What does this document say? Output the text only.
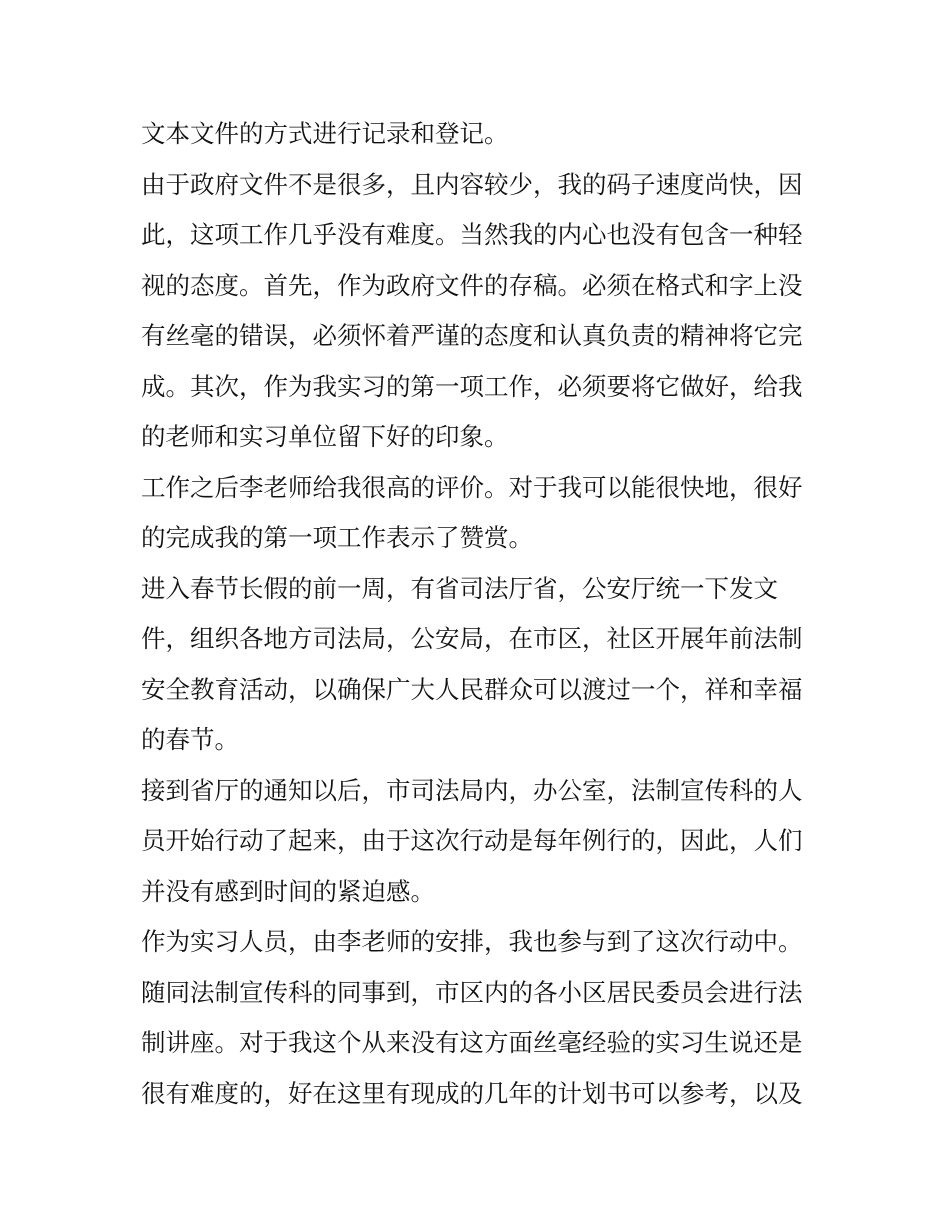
文本文件的方式进行记录和登记。
由于政府文件不是很多，且内容较少，我的码子速度尚快，因
此，这项工作几乎没有难度。当然我的内心也没有包含一种轻
视的态度。首先，作为政府文件的存稿。必须在格式和字上没
有丝毫的错误，必须怀着严谨的态度和认真负责的精神将它完
成。其次，作为我实习的第一项工作，必须要将它做好，给我
的老师和实习单位留下好的印象。
工作之后李老师给我很高的评价。对于我可以能很快地，很好
的完成我的第一项工作表示了赞赏。
进入春节长假的前一周，有省司法厅省，公安厅统一下发文
件，组织各地方司法局，公安局，在市区，社区开展年前法制
安全教育活动，以确保广大人民群众可以渡过一个，祥和幸福
的春节。
接到省厅的通知以后，市司法局内，办公室，法制宣传科的人
员开始行动了起来，由于这次行动是每年例行的，因此，人们
并没有感到时间的紧迫感。
作为实习人员，由李老师的安排，我也参与到了这次行动中。
随同法制宣传科的同事到，市区内的各小区居民委员会进行法
制讲座。对于我这个从来没有这方面丝毫经验的实习生说还是
很有难度的，好在这里有现成的几年的计划书可以参考，以及
